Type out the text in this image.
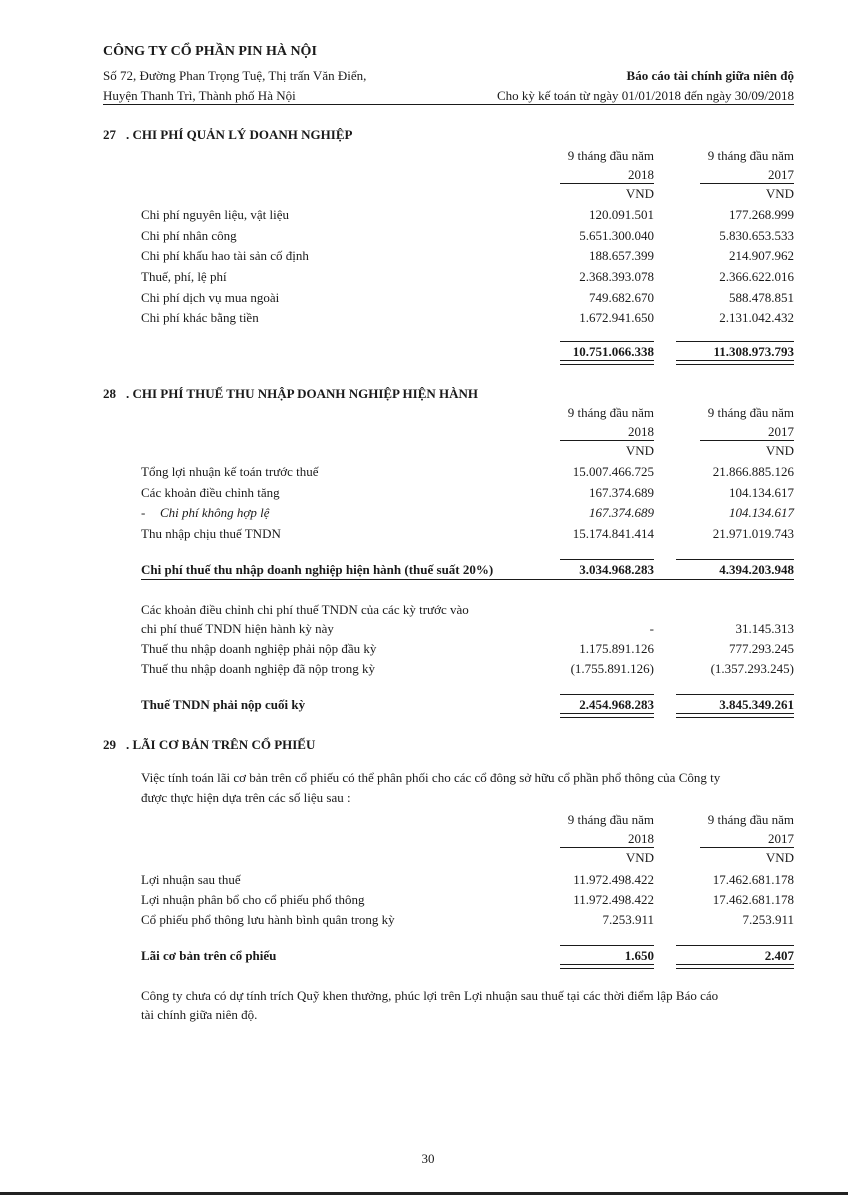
CÔNG TY CỔ PHẦN PIN HÀ NỘI
Số 72, Đường Phan Trọng Tuệ, Thị trấn Văn Điển,
Huyện Thanh Trì, Thành phố Hà Nội
Báo cáo tài chính giữa niên độ
Cho kỳ kế toán từ ngày 01/01/2018 đến ngày 30/09/2018
27 . CHI PHÍ QUẢN LÝ DOANH NGHIỆP
9 tháng đầu năm	9 tháng đầu năm
2018	2017
VND	VND
Chi phí nguyên liệu, vật liệu	120.091.501	177.268.999
Chi phí nhân công	5.651.300.040	5.830.653.533
Chi phí khấu hao tài sản cố định	188.657.399	214.907.962
Thuế, phí, lệ phí	2.368.393.078	2.366.622.016
Chi phí dịch vụ mua ngoài	749.682.670	588.478.851
Chi phí khác bằng tiền	1.672.941.650	2.131.042.432
10.751.066.338	11.308.973.793
28 . CHI PHÍ THUẾ THU NHẬP DOANH NGHIỆP HIỆN HÀNH
9 tháng đầu năm	9 tháng đầu năm
2018	2017
VND	VND
Tổng lợi nhuận kế toán trước thuế	15.007.466.725	21.866.885.126
Các khoản điều chỉnh tăng	167.374.689	104.134.617
- Chi phí không hợp lệ	167.374.689	104.134.617
Thu nhập chịu thuế TNDN	15.174.841.414	21.971.019.743
Chi phí thuế thu nhập doanh nghiệp hiện hành (thuế suất 20%)	3.034.968.283	4.394.203.948
Các khoản điều chỉnh chi phí thuế TNDN của các kỳ trước vào
chi phí thuế TNDN hiện hành kỳ này	-	31.145.313
Thuế thu nhập doanh nghiệp phải nộp đầu kỳ	1.175.891.126	777.293.245
Thuế thu nhập doanh nghiệp đã nộp trong kỳ	(1.755.891.126)	(1.357.293.245)
Thuế TNDN phải nộp cuối kỳ	2.454.968.283	3.845.349.261
29 . LÃI CƠ BẢN TRÊN CỔ PHIẾU
Việc tính toán lãi cơ bản trên cổ phiếu có thể phân phối cho các cổ đông sở hữu cổ phần phổ thông của Công ty
được thực hiện dựa trên các số liệu sau :
9 tháng đầu năm	9 tháng đầu năm
2018	2017
VND	VND
Lợi nhuận sau thuế	11.972.498.422	17.462.681.178
Lợi nhuận phân bổ cho cổ phiếu phổ thông	11.972.498.422	17.462.681.178
Cổ phiếu phổ thông lưu hành bình quân trong kỳ	7.253.911	7.253.911
Lãi cơ bản trên cổ phiếu	1.650	2.407
Công ty chưa có dự tính trích Quỹ khen thưởng, phúc lợi trên Lợi nhuận sau thuế tại các thời điểm lập Báo cáo
tài chính giữa niên độ.
30
